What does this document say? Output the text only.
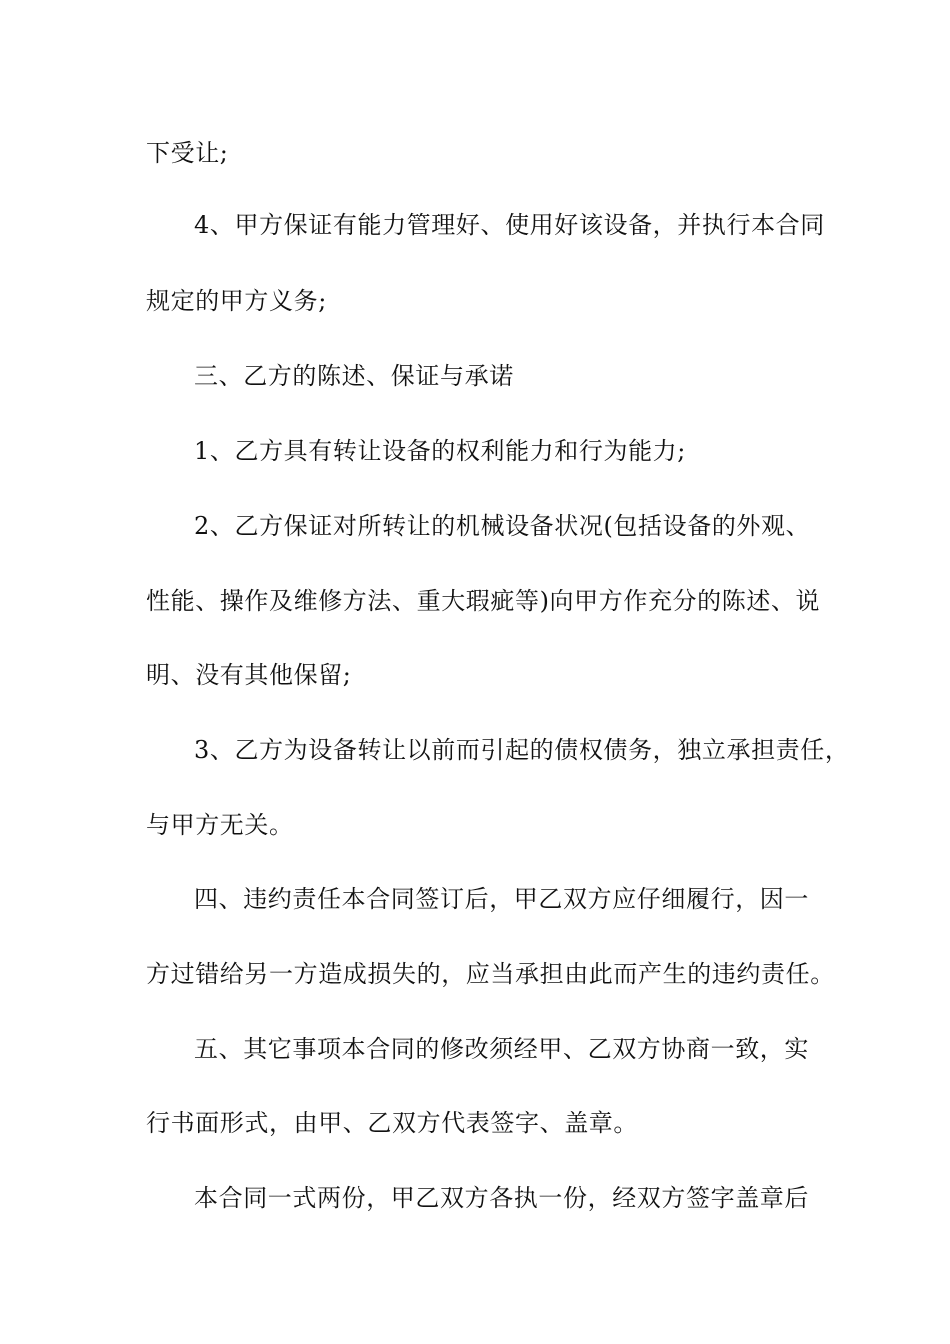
下受让;
4、甲方保证有能力管理好、使用好该设备，并执行本合同
规定的甲方义务;
三、乙方的陈述、保证与承诺
1、乙方具有转让设备的权利能力和行为能力;
2、乙方保证对所转让的机械设备状况(包括设备的外观、
性能、操作及维修方法、重大瑕疵等)向甲方作充分的陈述、说
明、没有其他保留;
3、乙方为设备转让以前而引起的债权债务，独立承担责任，
与甲方无关。
四、违约责任本合同签订后，甲乙双方应仔细履行，因一
方过错给另一方造成损失的，应当承担由此而产生的违约责任。
五、其它事项本合同的修改须经甲、乙双方协商一致，实
行书面形式，由甲、乙双方代表签字、盖章。
本合同一式两份，甲乙双方各执一份，经双方签字盖章后
